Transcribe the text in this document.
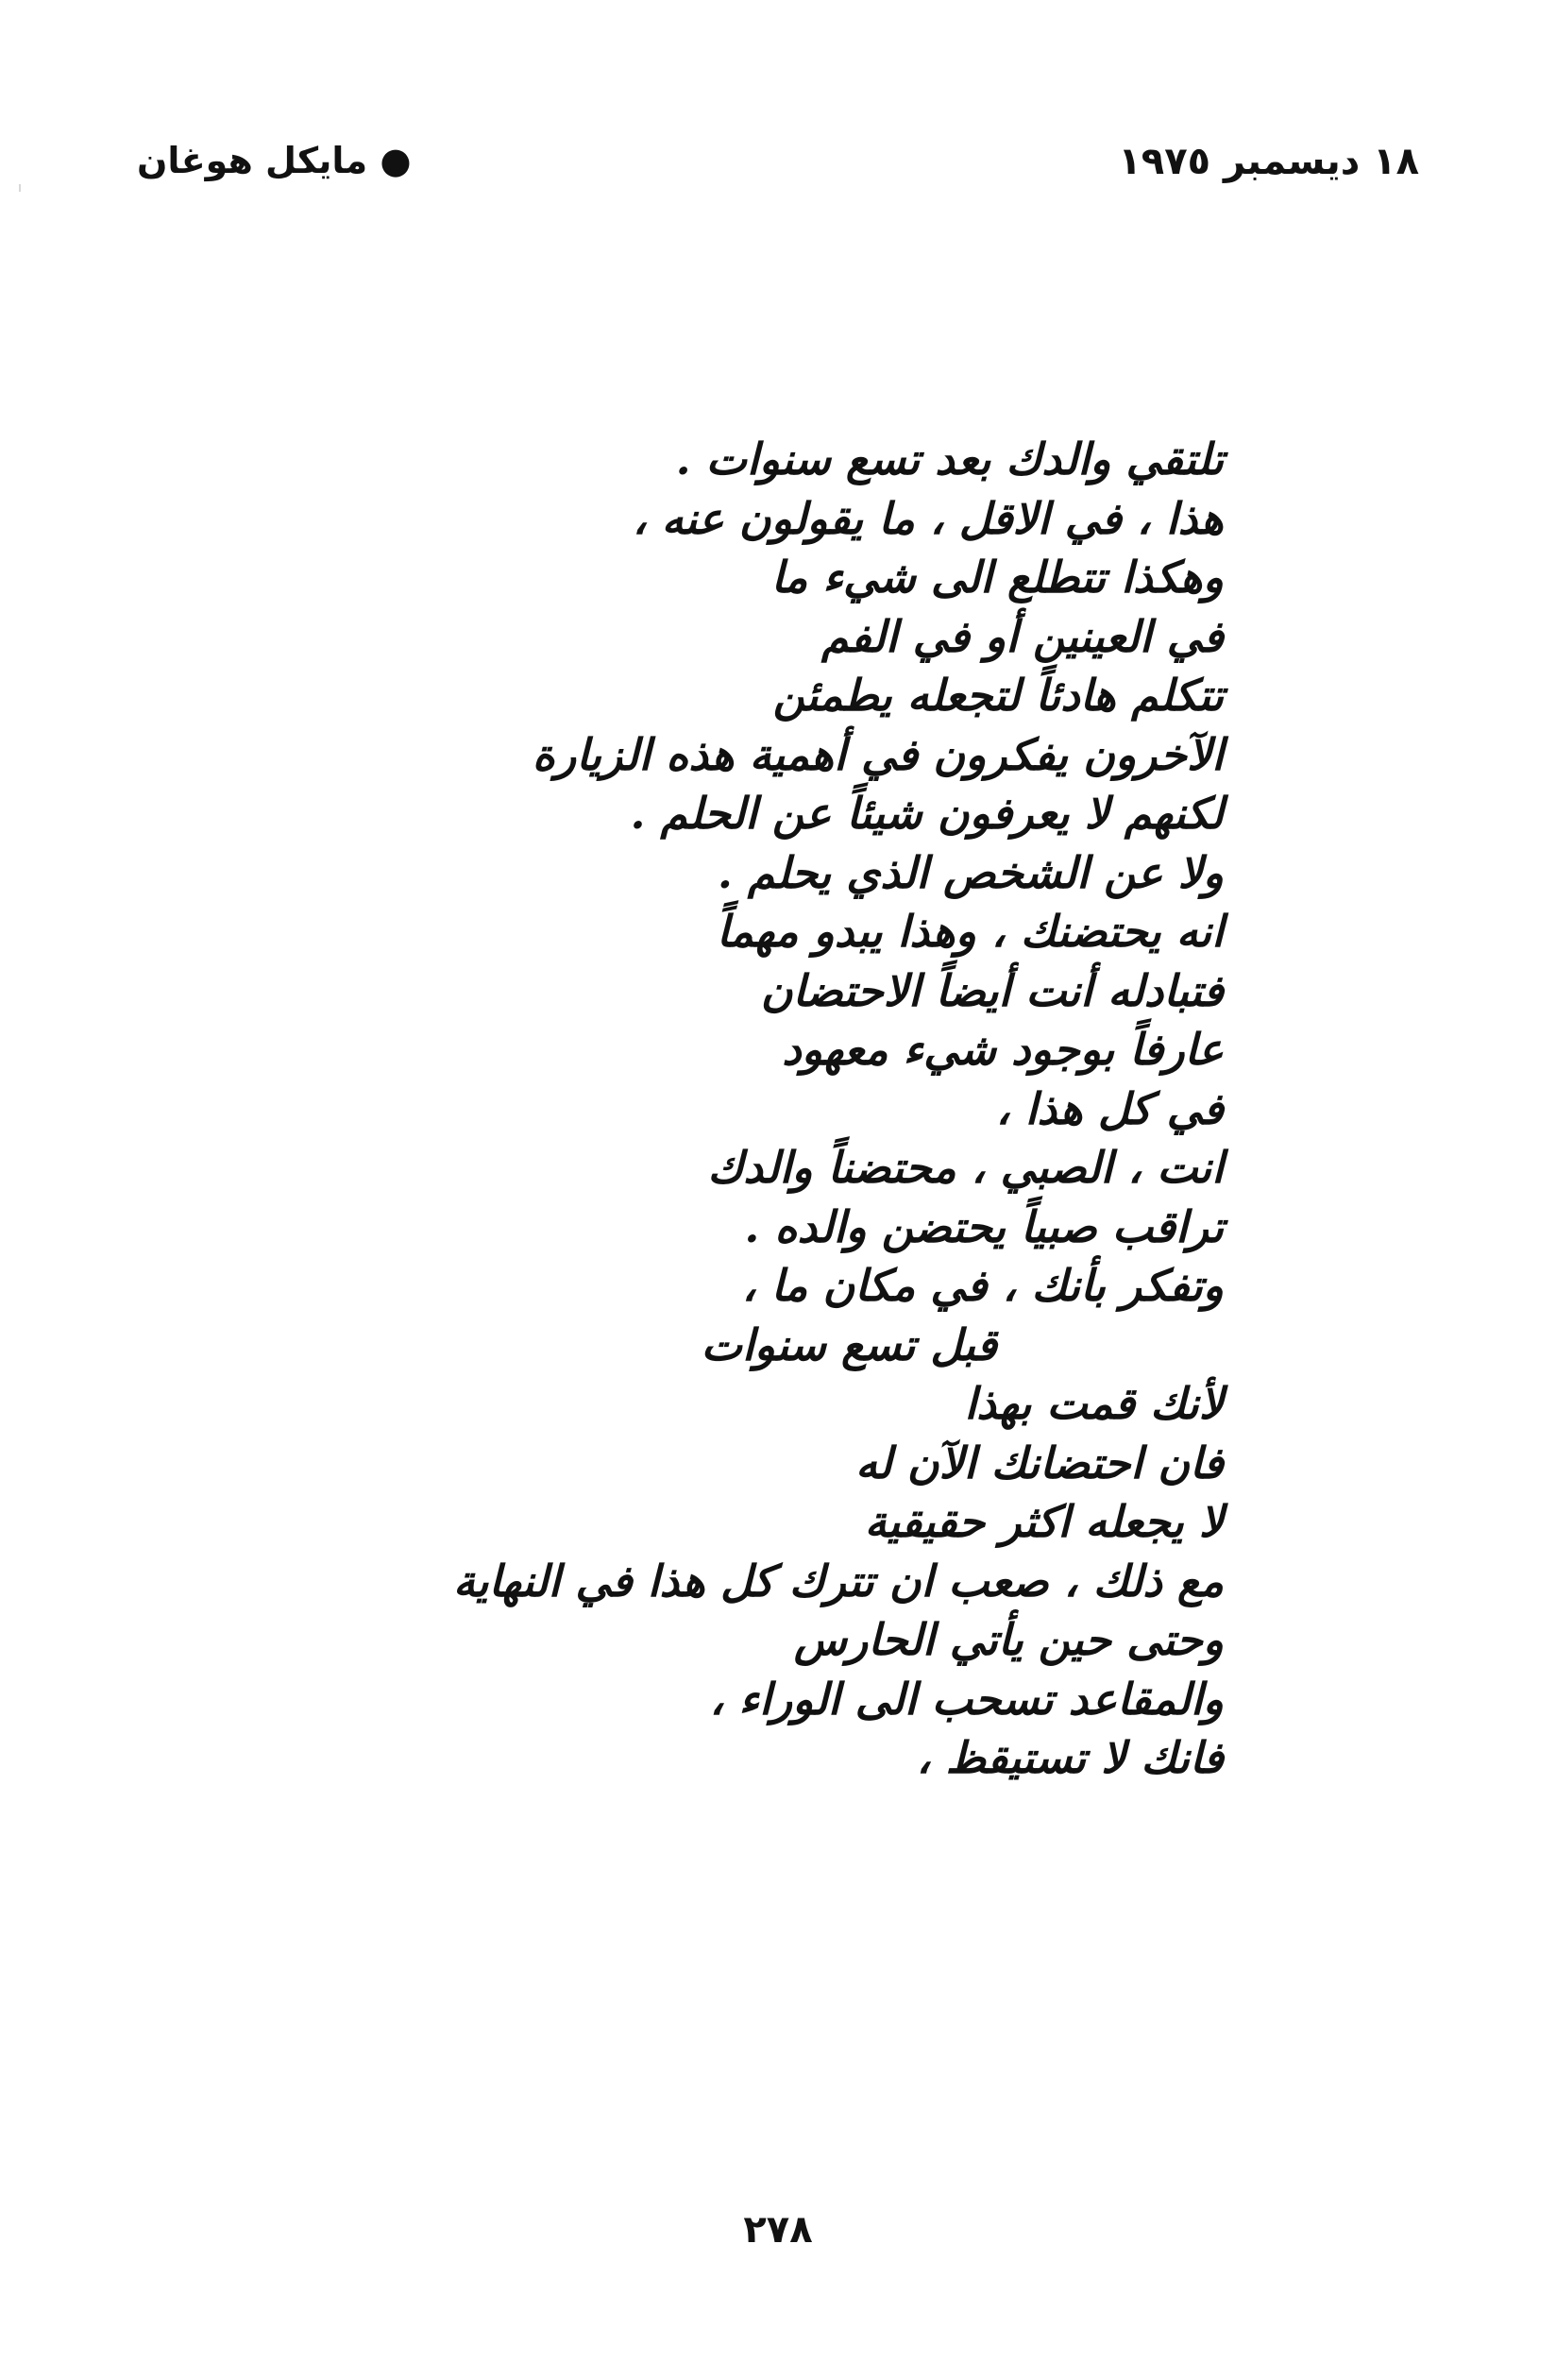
● مايكل هوغان	١٨ ديسمبر ١٩٧٥
تلتقي والدك بعد تسع سنوات .
هذا ، في الاقل ، ما يقولون عنه ،
وهكذا تتطلع الى شيء ما
في العينين أو في الفم
تتكلم هادئاً لتجعله يطمئن
الآخرون يفكرون في أهمية هذه الزيارة
لكنهم لا يعرفون شيئاً عن الحلم .
ولا عن الشخص الذي يحلم .
انه يحتضنك ، وهذا يبدو مهماً
فتبادله أنت أيضاً الاحتضان
عارفاً بوجود شيء معهود
في كل هذا ،
انت ، الصبي ، محتضناً والدك
تراقب صبياً يحتضن والده .
وتفكر بأنك ، في مكان ما ،
قبل تسع سنوات
لأنك قمت بهذا
فان احتضانك الآن له
لا يجعله اكثر حقيقية
مع ذلك ، صعب ان تترك كل هذا في النهاية
وحتى حين يأتي الحارس
والمقاعد تسحب الى الوراء ،
فانك لا تستيقظ ،
٢٧٨
